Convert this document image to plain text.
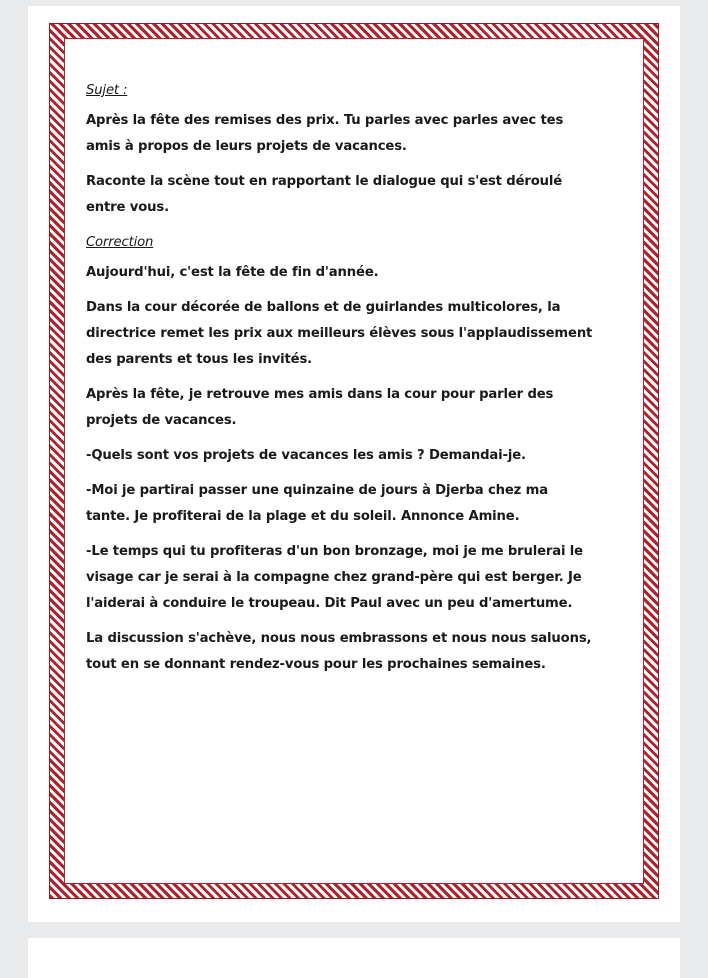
Sujet :

Après la fête des remises des prix. Tu parles avec parles avec tes amis à propos de leurs projets de vacances.

Raconte la scène tout en rapportant le dialogue qui s'est déroulé entre vous.

Correction

Aujourd'hui, c'est la fête de fin d'année.

Dans la cour décorée de ballons et de guirlandes multicolores, la directrice remet les prix aux meilleurs élèves sous l'applaudissement des parents et tous les invités.

Après la fête, je retrouve mes amis dans la cour pour parler des projets de vacances.

-Quels sont vos projets de vacances les amis ? Demandai-je.

-Moi je partirai passer une quinzaine de jours à Djerba chez ma tante. Je profiterai de la plage et du soleil. Annonce Amine.

-Le temps qui tu profiteras d'un bon bronzage, moi je me brulerai le visage car je serai à la compagne chez grand-père qui est berger. Je l'aiderai à conduire le troupeau. Dit Paul avec un peu d'amertume.

La discussion s'achève, nous nous embrassons et nous nous saluons, tout en se donnant rendez-vous pour les prochaines semaines.
